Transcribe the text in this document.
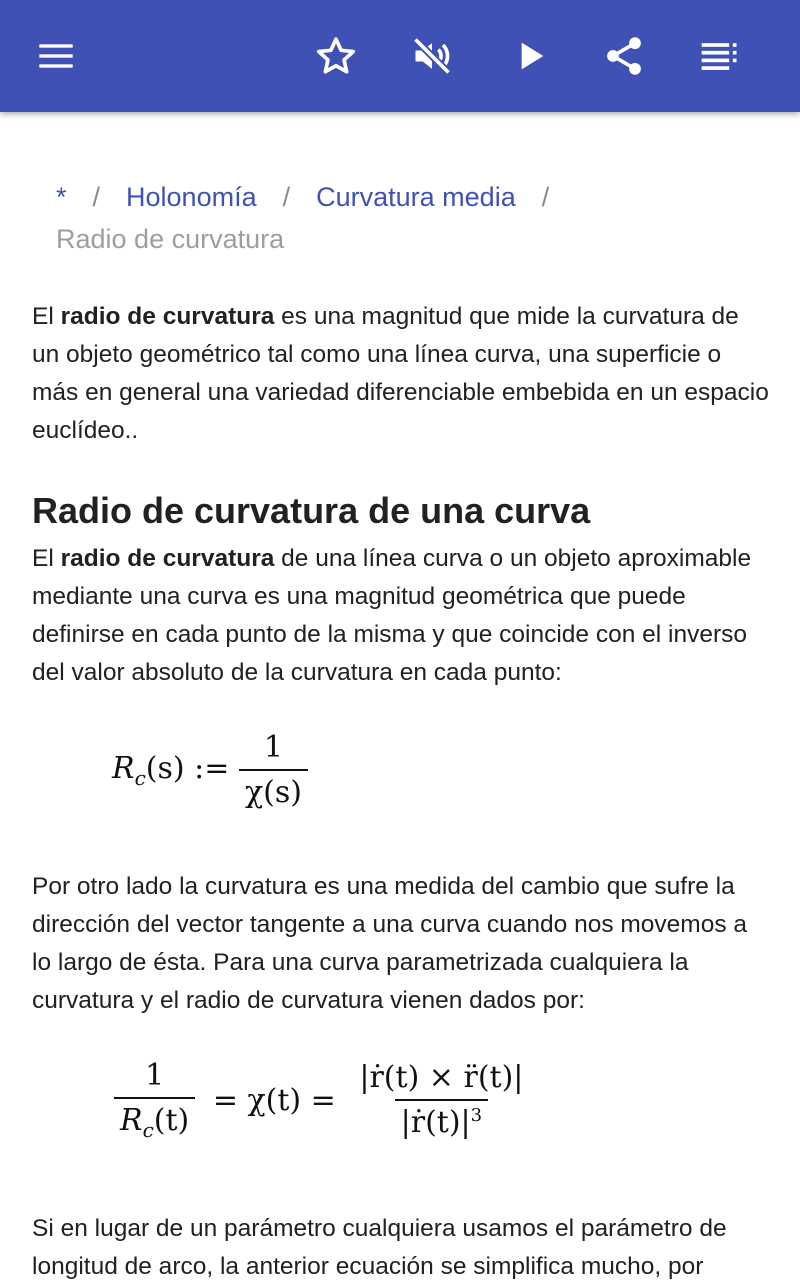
* / Holonomía / Curvatura media /
Radio de curvatura

El radio de curvatura es una magnitud que mide la curvatura de un objeto geométrico tal como una línea curva, una superficie o más en general una variedad diferenciable embebida en un espacio euclídeo..

Radio de curvatura de una curva

El radio de curvatura de una línea curva o un objeto aproximable mediante una curva es una magnitud geométrica que puede definirse en cada punto de la misma y que coincide con el inverso del valor absoluto de la curvatura en cada punto:

$R_c(s)$ := $\frac{1}{\chi(s)}$

Por otro lado la curvatura es una medida del cambio que sufre la dirección del vector tangente a una curva cuando nos movemos a lo largo de ésta. Para una curva parametrizada cualquiera la curvatura y el radio de curvatura vienen dados por:

$\frac{1}{R_c(t)} = \chi(t) = \frac{\text{|ṙ(t) × r̈(t)|}}{|ṙ(t)|^3}$

Si en lugar de un parámetro cualquiera usamos el parámetro de longitud de arco, la anterior ecuación se simplifica mucho, por
